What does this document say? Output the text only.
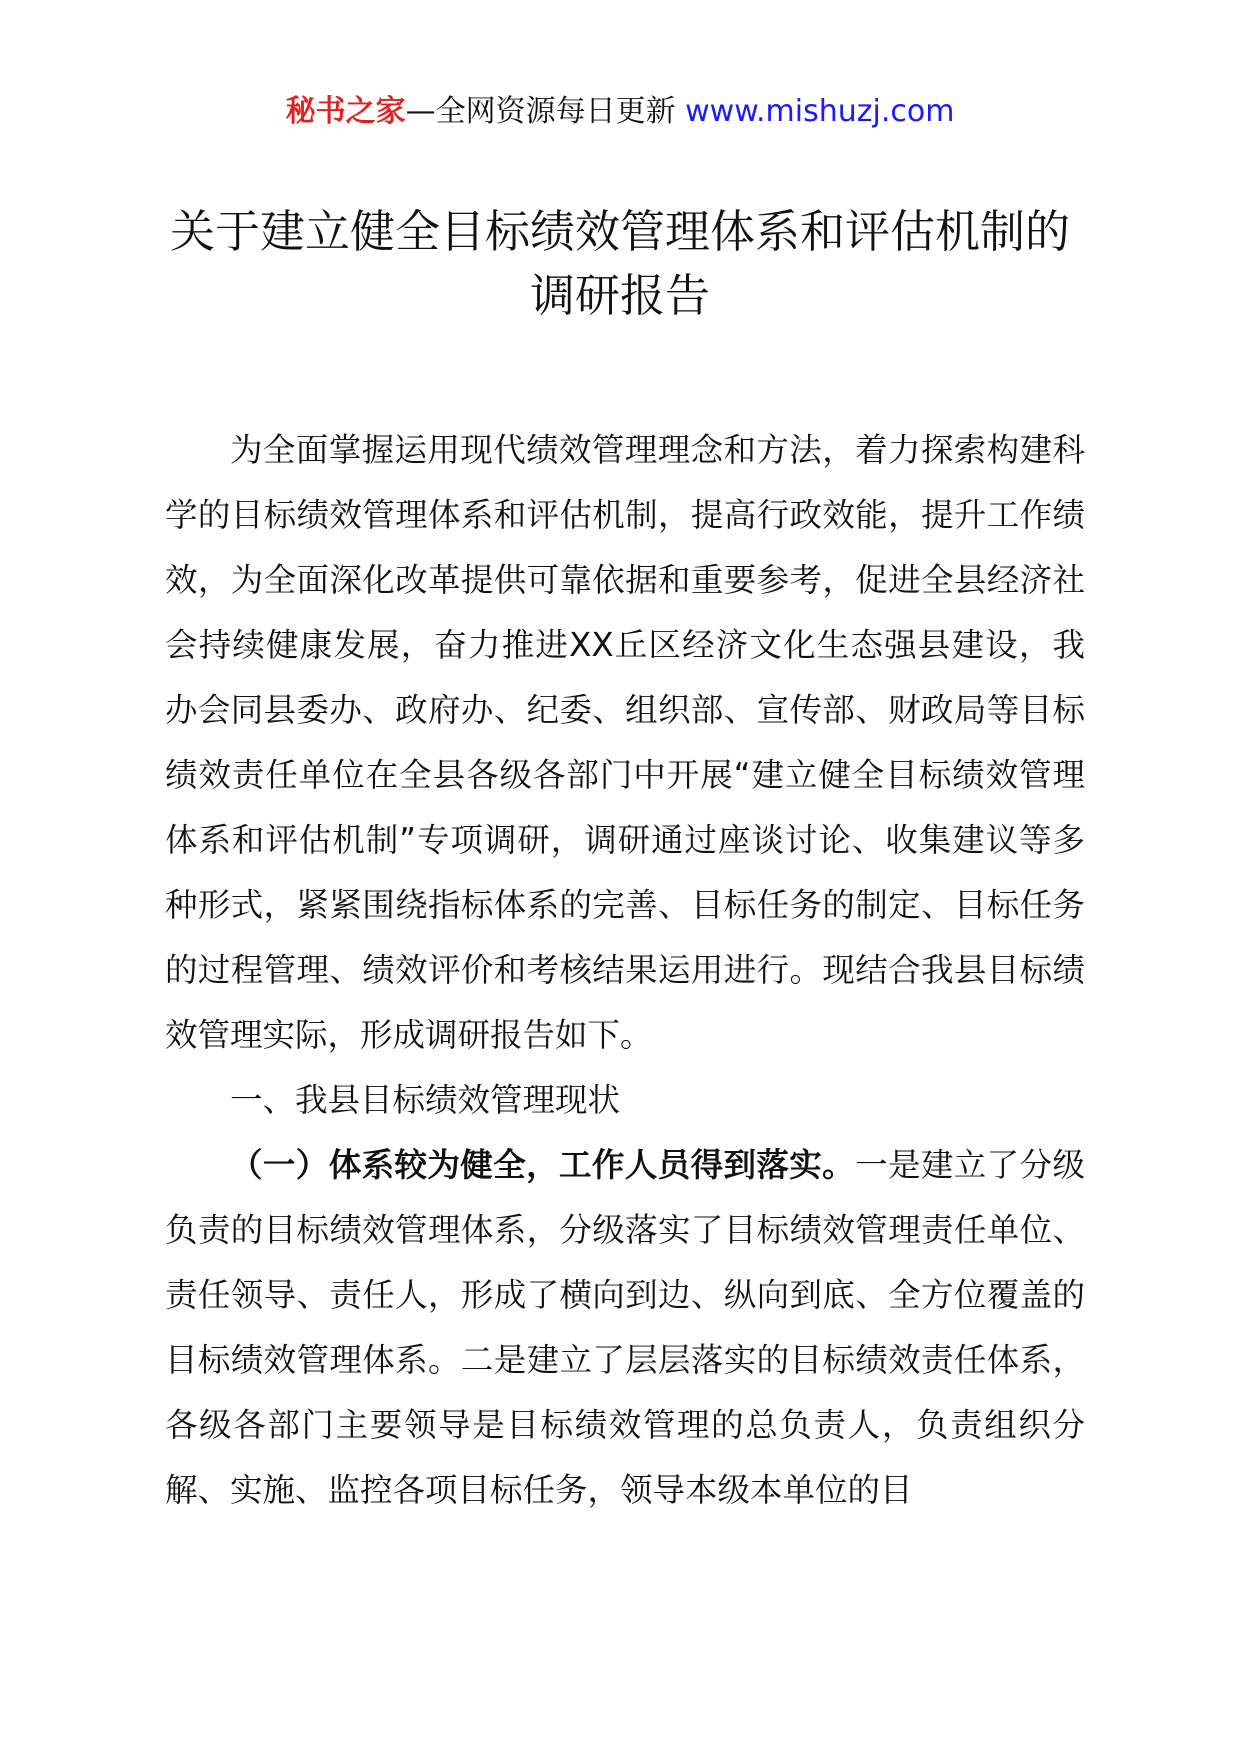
秘书之家—全网资源每日更新 www.mishuzj.com
关于建立健全目标绩效管理体系和评估机制的
调研报告

为全面掌握运用现代绩效管理理念和方法，着力探索构建科学的目标绩效管理体系和评估机制，提高行政效能，提升工作绩效，为全面深化改革提供可靠依据和重要参考，促进全县经济社会持续健康发展，奋力推进XX丘区经济文化生态强县建设，我办会同县委办、政府办、纪委、组织部、宣传部、财政局等目标绩效责任单位在全县各级各部门中开展“建立健全目标绩效管理体系和评估机制”专项调研，调研通过座谈讨论、收集建议等多种形式，紧紧围绕指标体系的完善、目标任务的制定、目标任务的过程管理、绩效评价和考核结果运用进行。现结合我县目标绩效管理实际，形成调研报告如下。

一、我县目标绩效管理现状

（一）体系较为健全，工作人员得到落实。一是建立了分级负责的目标绩效管理体系，分级落实了目标绩效管理责任单位、责任领导、责任人，形成了横向到边、纵向到底、全方位覆盖的目标绩效管理体系。二是建立了层层落实的目标绩效责任体系，各级各部门主要领导是目标绩效管理的总负责人，负责组织分解、实施、监控各项目标任务，领导本级本单位的目
